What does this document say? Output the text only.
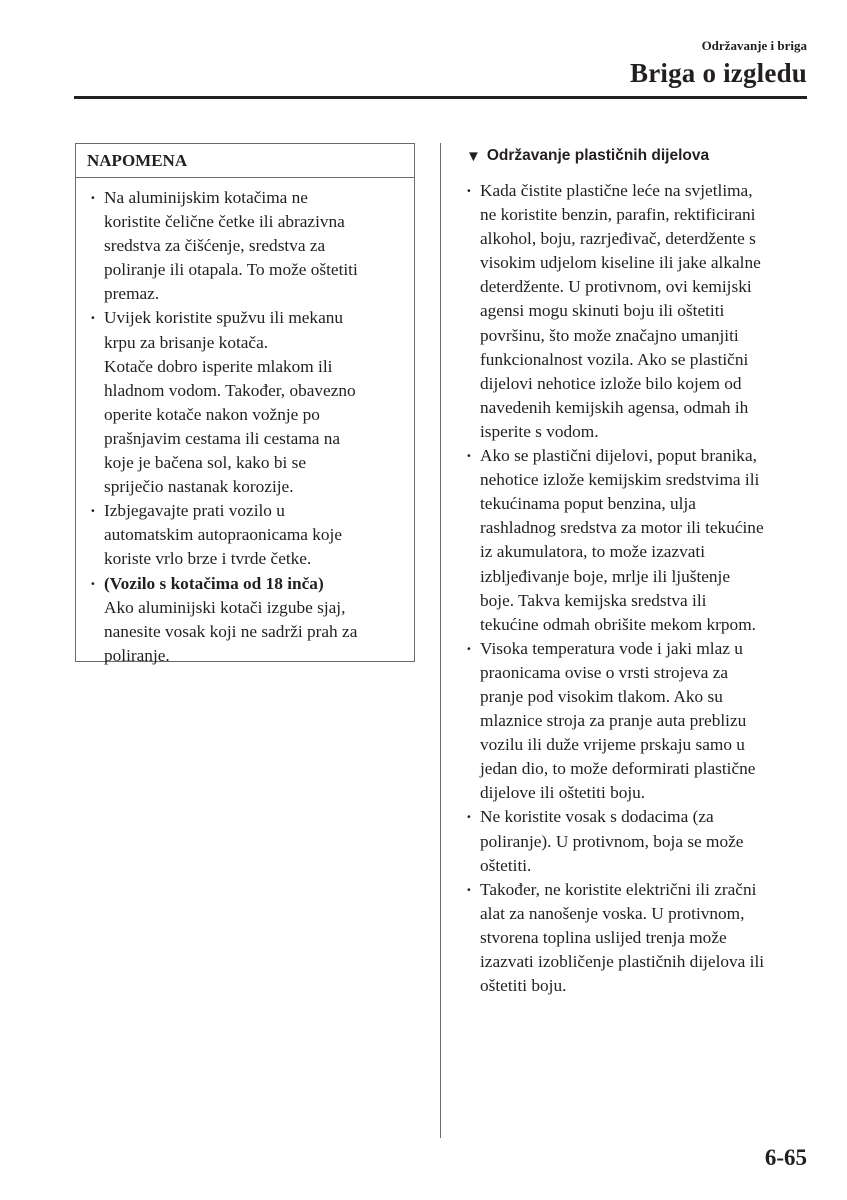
Održavanje i briga
Briga o izgledu
NAPOMENA
· Na aluminijskim kotačima ne
koristite čelične četke ili abrazivna
sredstva za čišćenje, sredstva za
poliranje ili otapala. To može oštetiti
premaz.
· Uvijek koristite spužvu ili mekanu
krpu za brisanje kotača.
Kotače dobro isperite mlakom ili
hladnom vodom. Također, obavezno
operite kotače nakon vožnje po
prašnjavim cestama ili cestama na
koje je bačena sol, kako bi se
spriječio nastanak korozije.
· Izbjegavajte prati vozilo u
automatskim autopraonicama koje
koriste vrlo brze i tvrde četke.
· (Vozilo s kotačima od 18 inča)
Ako aluminijski kotači izgube sjaj,
nanesite vosak koji ne sadrži prah za
poliranje.
▼ Održavanje plastičnih dijelova
· Kada čistite plastične leće na svjetlima,
ne koristite benzin, parafin, rektificirani
alkohol, boju, razrjeđivač, deterdžente s
visokim udjelom kiseline ili jake alkalne
deterdžente. U protivnom, ovi kemijski
agensi mogu skinuti boju ili oštetiti
površinu, što može značajno umanjiti
funkcionalnost vozila. Ako se plastični
dijelovi nehotice izlože bilo kojem od
navedenih kemijskih agensa, odmah ih
isperite s vodom.
· Ako se plastični dijelovi, poput branika,
nehotice izlože kemijskim sredstvima ili
tekućinama poput benzina, ulja
rashladnog sredstva za motor ili tekućine
iz akumulatora, to može izazvati
izbljeđivanje boje, mrlje ili ljuštenje
boje. Takva kemijska sredstva ili
tekućine odmah obrišite mekom krpom.
· Visoka temperatura vode i jaki mlaz u
praonicama ovise o vrsti strojeva za
pranje pod visokim tlakom. Ako su
mlaznice stroja za pranje auta preblizu
vozilu ili duže vrijeme prskaju samo u
jedan dio, to može deformirati plastične
dijelove ili oštetiti boju.
· Ne koristite vosak s dodacima (za
poliranje). U protivnom, boja se može
oštetiti.
· Također, ne koristite električni ili zračni
alat za nanošenje voska. U protivnom,
stvorena toplina uslijed trenja može
izazvati izobličenje plastičnih dijelova ili
oštetiti boju.
6-65
